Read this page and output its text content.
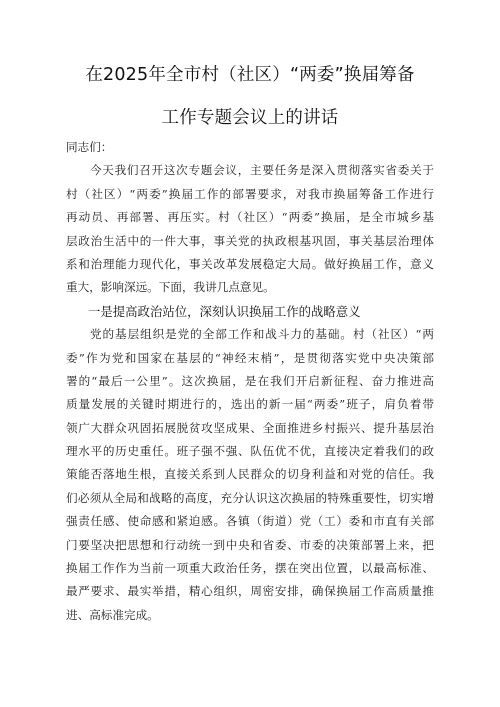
在2025年全市村（社区）“两委”换届筹备
工作专题会议上的讲话
同志们：
今天我们召开这次专题会议，主要任务是深入贯彻落实省委关于
村（社区）“两委”换届工作的部署要求，对我市换届筹备工作进行
再动员、再部署、再压实。村（社区）“两委”换届，是全市城乡基
层政治生活中的一件大事，事关党的执政根基巩固，事关基层治理体
系和治理能力现代化，事关改革发展稳定大局。做好换届工作，意义
重大，影响深远。下面，我讲几点意见。
一是提高政治站位，深刻认识换届工作的战略意义
党的基层组织是党的全部工作和战斗力的基础。村（社区）“两
委”作为党和国家在基层的“神经末梢”，是贯彻落实党中央决策部
署的“最后一公里”。这次换届，是在我们开启新征程、奋力推进高
质量发展的关键时期进行的，选出的新一届“两委”班子，肩负着带
领广大群众巩固拓展脱贫攻坚成果、全面推进乡村振兴、提升基层治
理水平的历史重任。班子强不强、队伍优不优，直接决定着我们的政
策能否落地生根，直接关系到人民群众的切身利益和对党的信任。我
们必须从全局和战略的高度，充分认识这次换届的特殊重要性，切实增
强责任感、使命感和紧迫感。各镇（街道）党（工）委和市直有关部
门要坚决把思想和行动统一到中央和省委、市委的决策部署上来，把
换届工作作为当前一项重大政治任务，摆在突出位置，以最高标准、
最严要求、最实举措，精心组织，周密安排，确保换届工作高质量推
进、高标准完成。
